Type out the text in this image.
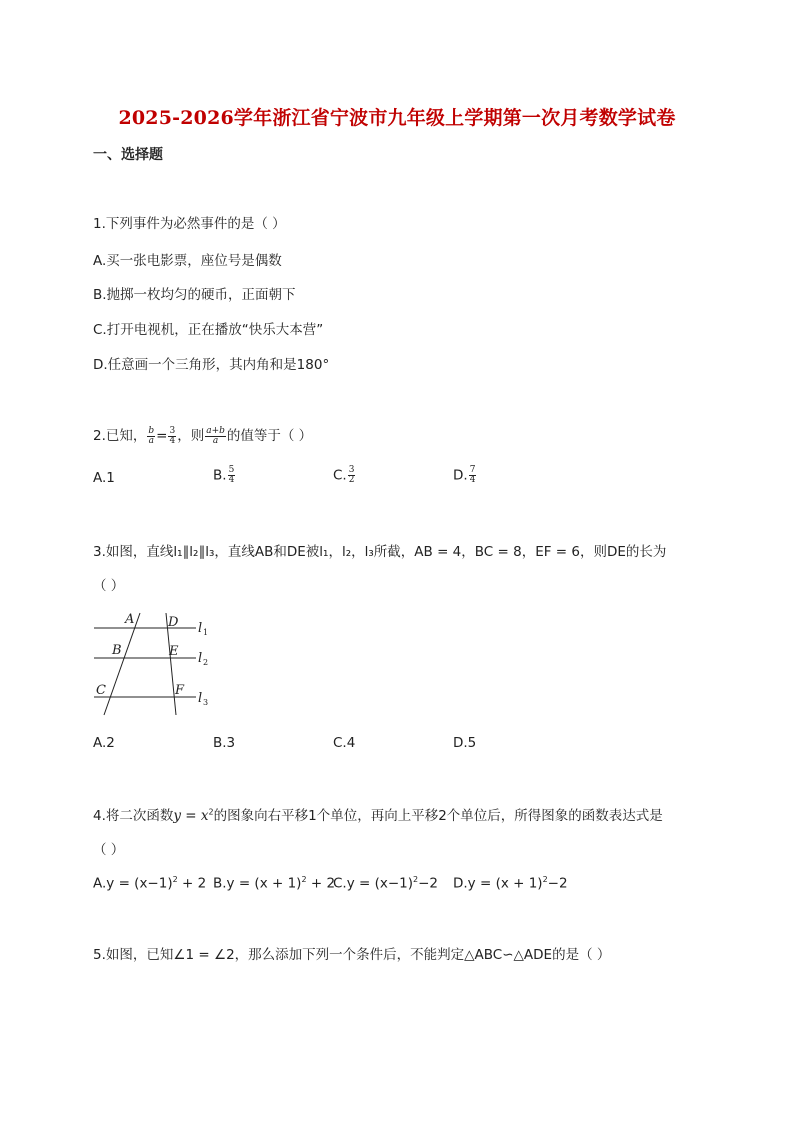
2025-2026学年浙江省宁波市九年级上学期第一次月考数学试卷
一、选择题
1.下列事件为必然事件的是（ ）
A.买一张电影票，座位号是偶数
B.抛掷一枚均匀的硬币，正面朝下
C.打开电视机，正在播放“快乐大本营”
D.任意画一个三角形，其内角和是180°
2.已知， $\frac{b}{a} = \frac{3}{4}$ ，则 $\frac{a+b}{a}$ 的值等于（ ）
A.1	B. $\frac{5}{4}$	C. $\frac{3}{2}$	D. $\frac{7}{4}$
3.如图，直线l₁∥l₂∥l₃，直线AB和DE被l₁，l₂，l₃所截，AB = 4，BC = 8，EF = 6，则DE的长为
（ ）
A	D
B	E
C	F
l
l
l
1
2
3
A.2	B.3	C.4	D.5
4.将二次函数$y = x^2$的图象向右平移1个单位，再向上平移2个单位后，所得图象的函数表达式是
（ ）
$A.y = (x-1)^2 + 2$ $B.y = (x + 1)^2 + 2$
$C.y = (x-1)^2-2$ $D.y = (x + 1)^2-2$
5.如图，已知∠1 = ∠2，那么添加下列一个条件后，不能判定△ABC∽△ADE的是（ ）
